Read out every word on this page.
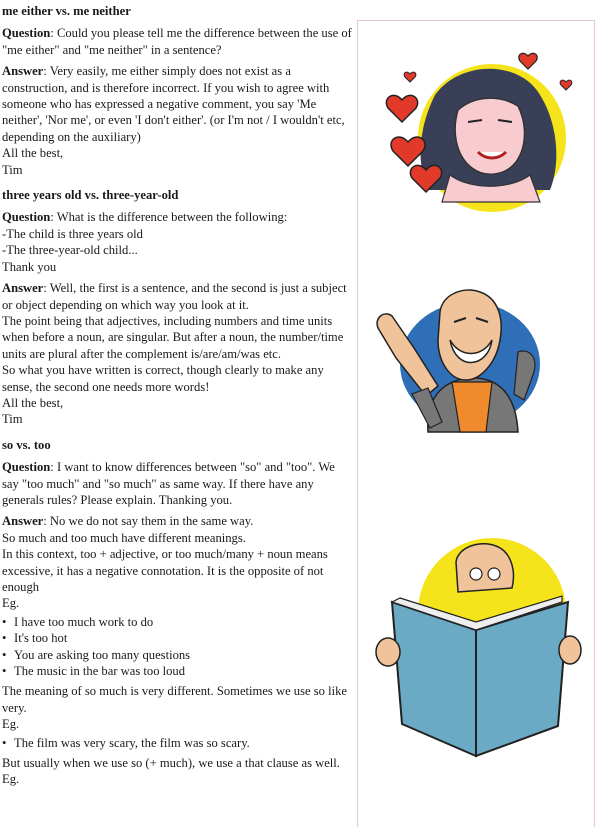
me either vs. me neither

Question: Could you please tell me the difference between the use of "me either" and "me neither" in a sentence?

Answer: Very easily, me either simply does not exist as a construction, and is therefore incorrect. If you wish to agree with someone who has expressed a negative comment, you say 'Me neither', 'Nor me', or even 'I don't either'. (or I'm not / I wouldn't etc, depending on the auxiliary)

All the best,

Tim

three years old vs. three-year-old

Question: What is the difference between the following:

-The child is three years old

-The three-year-old child...

Thank you

Answer: Well, the first is a sentence, and the second is just a subject or object depending on which way you look at it.

The point being that adjectives, including numbers and time units when before a noun, are singular. But after a noun, the number/time units are plural after the complement is/are/am/was etc.

So what you have written is correct, though clearly to make any sense, the second one needs more words!

All the best,

Tim

so vs. too

Question: I want to know differences between "so" and "too". We say "too much" and "so much" as same way. If there have any generals rules? Please explain. Thanking you.

Answer: No we do not say them in the same way.

So much and too much have different meanings.

In this context, too + adjective, or too much/many + noun means excessive, it has a negative connotation. It is the opposite of not enough

Eg.

• I have too much work to do
• It's too hot
• You are asking too many questions
• The music in the bar was too loud

The meaning of so much is very different. Sometimes we use so like very.

Eg.

• The film was very scary, the film was so scary.

But usually when we use so (+ much), we use a that clause as well.

Eg.
